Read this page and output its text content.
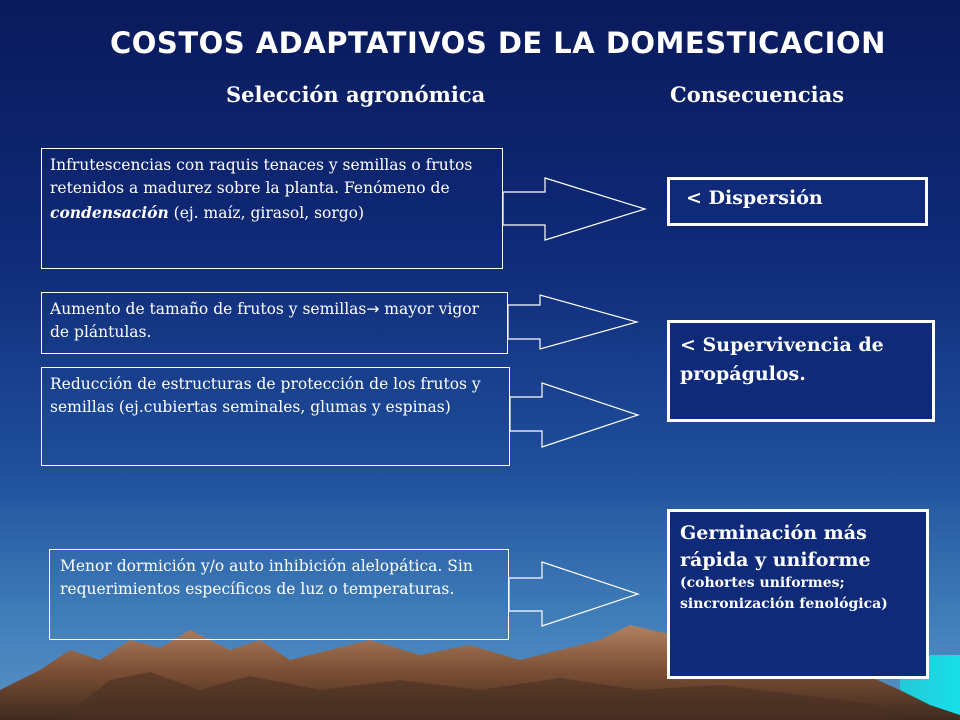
COSTOS ADAPTATIVOS DE LA DOMESTICACION
Selección agronómica	Consecuencias
Infrutescencias con raquis tenaces y semillas o frutos retenidos a madurez sobre la planta. Fenómeno de condensación (ej. maíz, girasol, sorgo)
Aumento de tamaño de frutos y semillas→ mayor vigor de plántulas.
Reducción de estructuras de protección de los frutos y semillas (ej.cubiertas seminales, glumas y espinas)
Menor dormición y/o auto inhibición alelopática. Sin requerimientos específicos de luz o temperaturas.
< Dispersión
< Supervivencia de propágulos.
Germinación más rápida y uniforme
(cohortes uniformes; sincronización fenológica)
